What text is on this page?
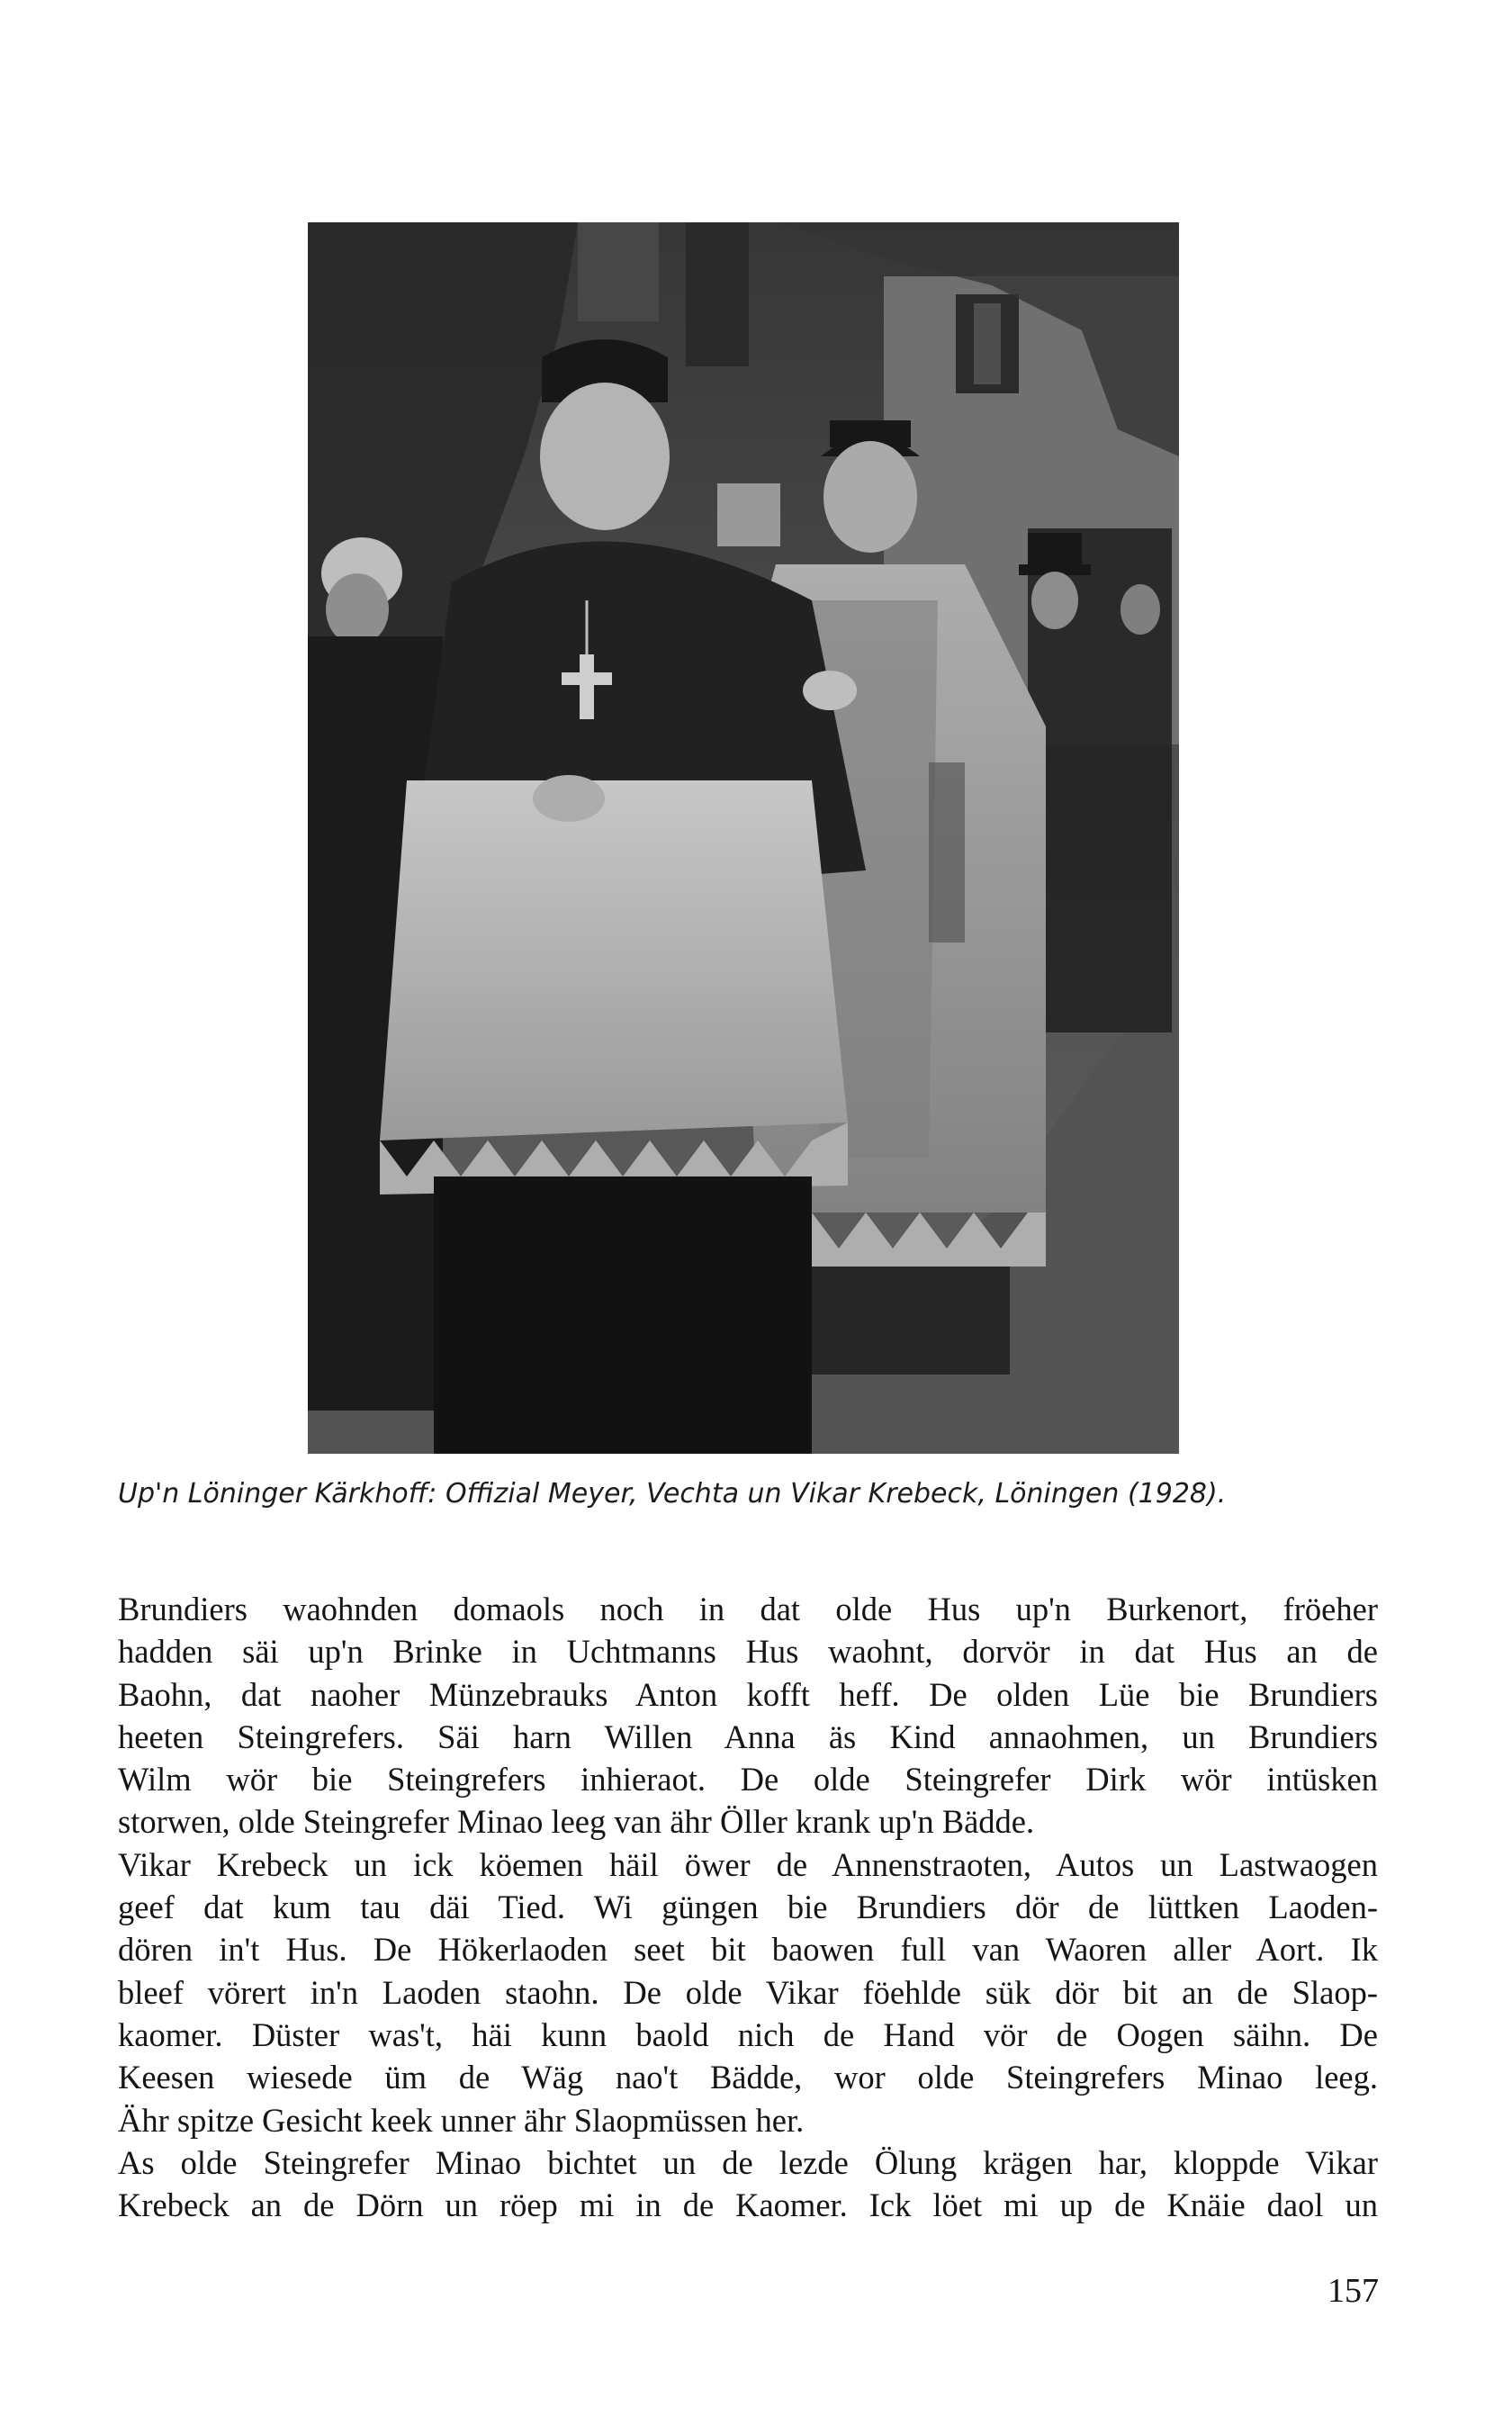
Up'n Löninger Kärkhoff: Offizial Meyer, Vechta un Vikar Krebeck, Löningen (1928).
Brundiers waohnden domaols noch in dat olde Hus up'n Burkenort, fröeher
hadden säi up'n Brinke in Uchtmanns Hus waohnt, dorvör in dat Hus an de
Baohn, dat naoher Münzebrauks Anton kofft heff. De olden Lüe bie Brundiers
heeten Steingrefers. Säi harn Willen Anna äs Kind annaohmen, un Brundiers
Wilm wör bie Steingrefers inhieraot. De olde Steingrefer Dirk wör intüsken
storwen, olde Steingrefer Minao leeg van ähr Öller krank up'n Bädde.
Vikar Krebeck un ick köemen häil öwer de Annenstraoten, Autos un Lastwaogen
geef dat kum tau däi Tied. Wi güngen bie Brundiers dör de lüttken Laoden-
dören in't Hus. De Hökerlaoden seet bit baowen full van Waoren aller Aort. Ik
bleef vörert in'n Laoden staohn. De olde Vikar föehlde sük dör bit an de Slaop-
kaomer. Düster was't, häi kunn baold nich de Hand vör de Oogen säihn. De
Keesen wiesede üm de Wäg nao't Bädde, wor olde Steingrefers Minao leeg.
Ähr spitze Gesicht keek unner ähr Slaopmüssen her.
As olde Steingrefer Minao bichtet un de lezde Ölung krägen har, kloppde Vikar
Krebeck an de Dörn un röep mi in de Kaomer. Ick löet mi up de Knäie daol un
157
